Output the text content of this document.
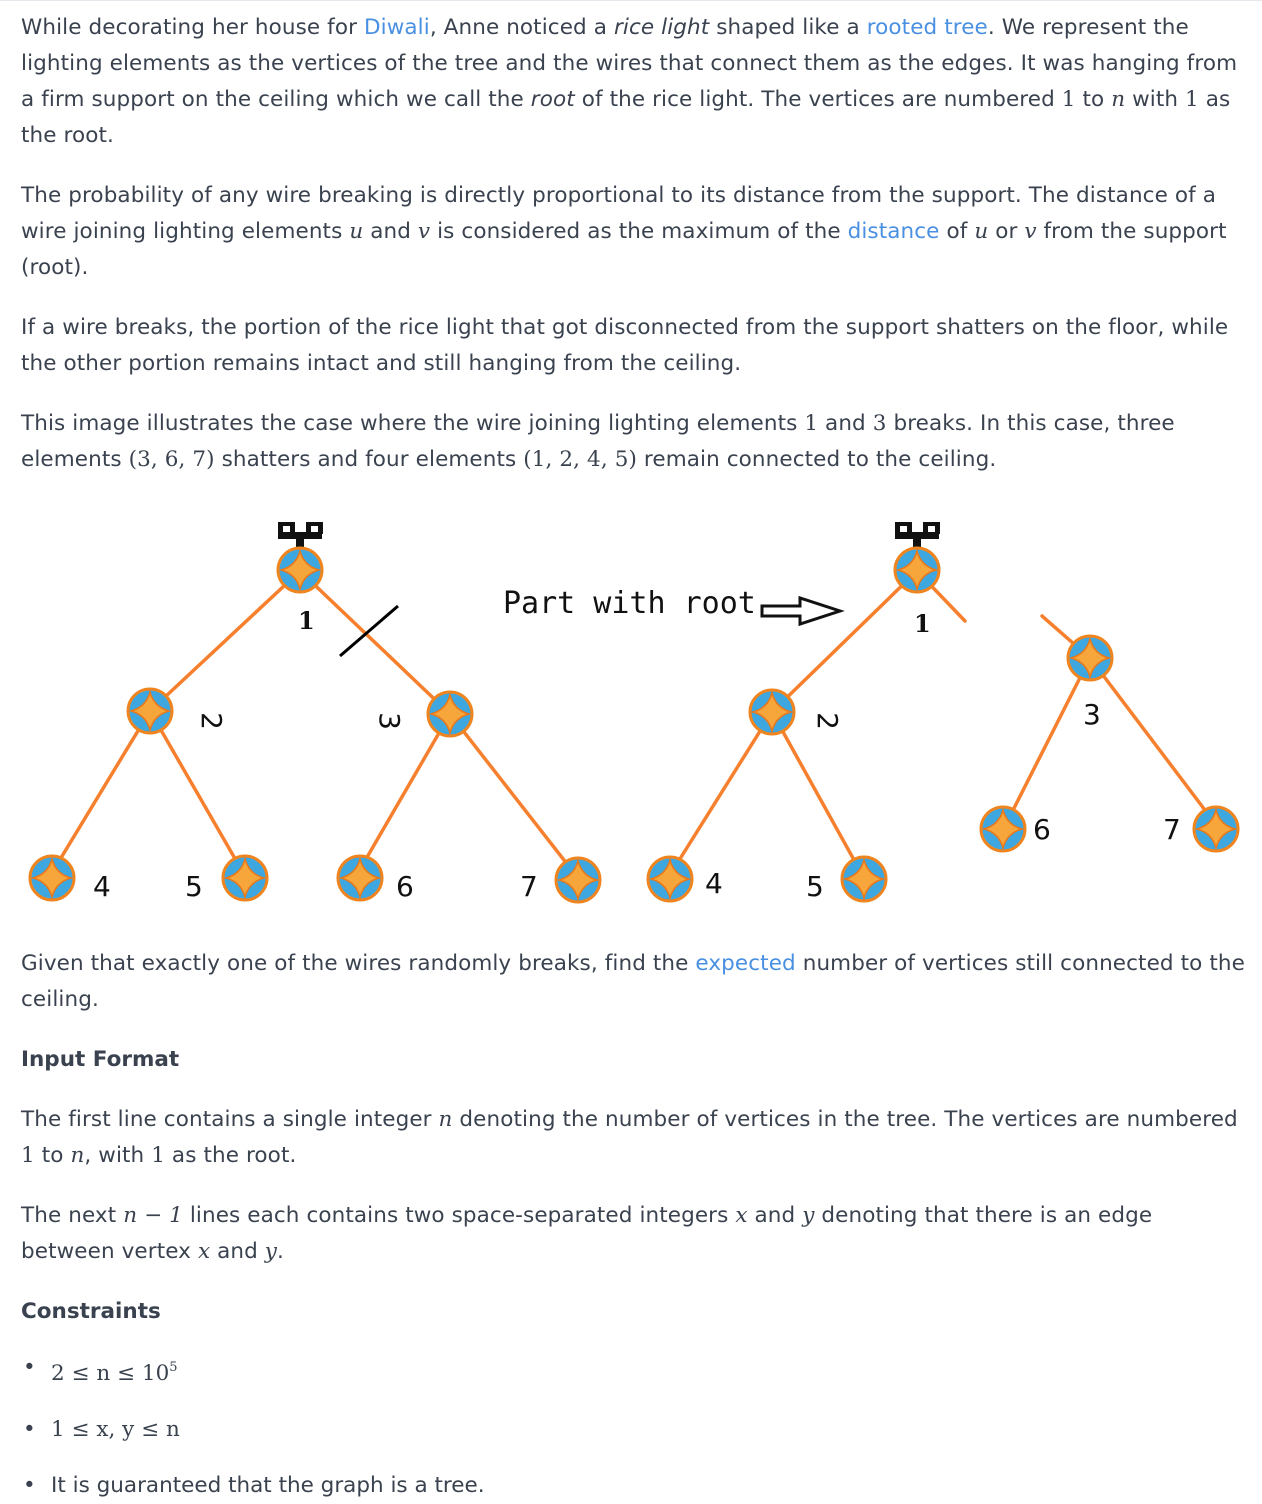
While decorating her house for Diwali, Anne noticed a rice light shaped like a rooted tree. We represent the lighting elements as the vertices of the tree and the wires that connect them as the edges. It was hanging from a firm support on the ceiling which we call the root of the rice light. The vertices are numbered 1 to n with 1 as the root.

The probability of any wire breaking is directly proportional to its distance from the support. The distance of a wire joining lighting elements u and v is considered as the maximum of the distance of u or v from the support (root).

If a wire breaks, the portion of the rice light that got disconnected from the support shatters on the floor, while the other portion remains intact and still hanging from the ceiling.

This image illustrates the case where the wire joining lighting elements 1 and 3 breaks. In this case, three elements (3, 6, 7) shatters and four elements (1, 2, 4, 5) remain connected to the ceiling.

1
2	3
4	5	6	7
Part with root
1
2	3
4	5
6	7

Given that exactly one of the wires randomly breaks, find the expected number of vertices still connected to the ceiling.

Input Format

The first line contains a single integer n denoting the number of vertices in the tree. The vertices are numbered 1 to n, with 1 as the root.

The next n − 1 lines each contains two space-separated integers x and y denoting that there is an edge between vertex x and y.

Constraints
• $2 \le n \le 10^5$
• 1 ≤ x, y ≤ n
• It is guaranteed that the graph is a tree.
